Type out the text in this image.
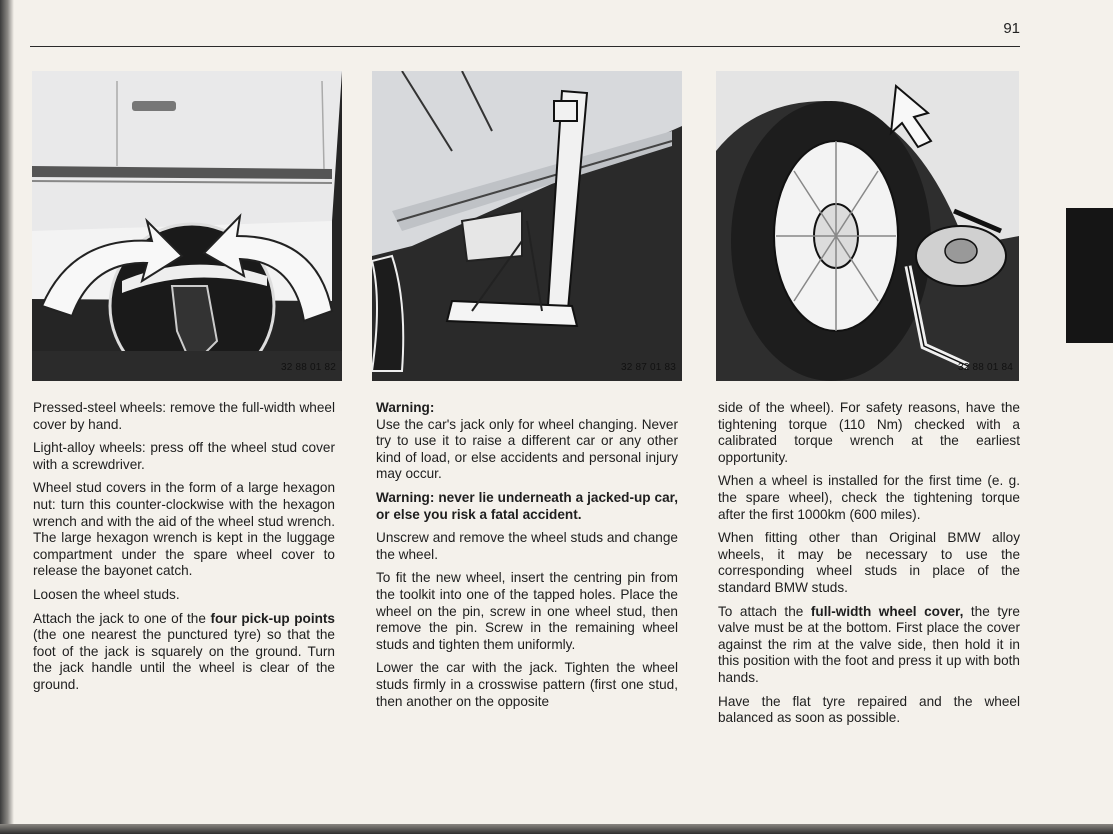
91
32 88 01 82	32 87 01 83	32 88 01 84

Pressed-steel wheels: remove the full-width wheel cover by hand.

Light-alloy wheels: press off the wheel stud cover with a screwdriver.

Wheel stud covers in the form of a large hexagon nut: turn this counter-clockwise with the hexagon wrench and with the aid of the wheel stud wrench. The large hexagon wrench is kept in the luggage compartment under the spare wheel cover to release the bayonet catch.

Loosen the wheel studs.

Attach the jack to one of the four pick-up points (the one nearest the punctured tyre) so that the foot of the jack is squarely on the ground. Turn the jack handle until the wheel is clear of the ground.

Warning:

Use the car's jack only for wheel changing. Never try to use it to raise a different car or any other kind of load, or else accidents and personal injury may occur.

Warning: never lie underneath a jacked-up car, or else you risk a fatal accident.

Unscrew and remove the wheel studs and change the wheel.

To fit the new wheel, insert the centring pin from the toolkit into one of the tapped holes. Place the wheel on the pin, screw in one wheel stud, then remove the pin. Screw in the remaining wheel studs and tighten them uniformly.

Lower the car with the jack. Tighten the wheel studs firmly in a crosswise pattern (first one stud, then another on the opposite

side of the wheel). For safety reasons, have the tightening torque (110 Nm) checked with a calibrated torque wrench at the earliest opportunity.

When a wheel is installed for the first time (e. g. the spare wheel), check the tightening torque after the first 1000km (600 miles).

When fitting other than Original BMW alloy wheels, it may be necessary to use the corresponding wheel studs in place of the standard BMW studs.

To attach the full-width wheel cover, the tyre valve must be at the bottom. First place the cover against the rim at the valve side, then hold it in this position with the foot and press it up with both hands.

Have the flat tyre repaired and the wheel balanced as soon as possible.
